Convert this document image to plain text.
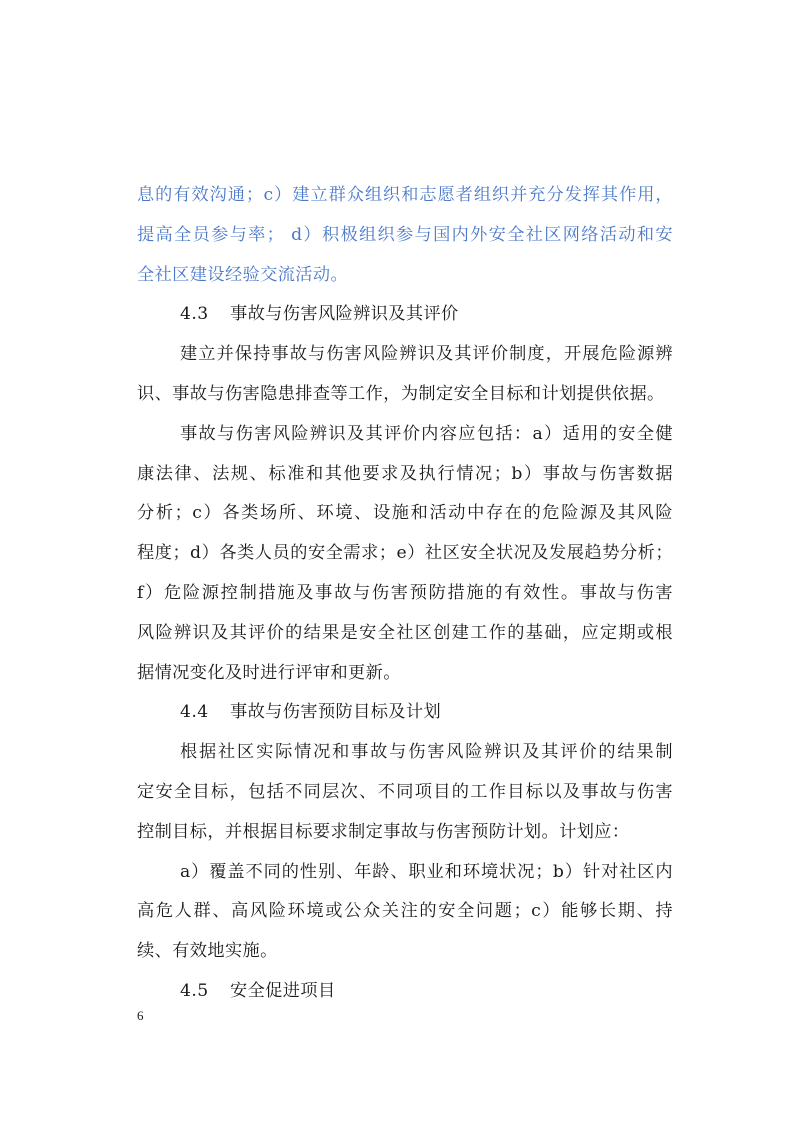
息的有效沟通；c）建立群众组织和志愿者组织并充分发挥其作用，
提高全员参与率； d）积极组织参与国内外安全社区网络活动和安
全社区建设经验交流活动。
4.3 事故与伤害风险辨识及其评价
建立并保持事故与伤害风险辨识及其评价制度，开展危险源辨
识、事故与伤害隐患排查等工作，为制定安全目标和计划提供依据。
事故与伤害风险辨识及其评价内容应包括：a）适用的安全健
康法律、法规、标准和其他要求及执行情况；b）事故与伤害数据
分析；c）各类场所、环境、设施和活动中存在的危险源及其风险
程度；d）各类人员的安全需求；e）社区安全状况及发展趋势分析；
f）危险源控制措施及事故与伤害预防措施的有效性。事故与伤害
风险辨识及其评价的结果是安全社区创建工作的基础，应定期或根
据情况变化及时进行评审和更新。
4.4 事故与伤害预防目标及计划
根据社区实际情况和事故与伤害风险辨识及其评价的结果制
定安全目标，包括不同层次、不同项目的工作目标以及事故与伤害
控制目标，并根据目标要求制定事故与伤害预防计划。计划应：
a）覆盖不同的性别、年龄、职业和环境状况；b）针对社区内
高危人群、高风险环境或公众关注的安全问题；c）能够长期、持
续、有效地实施。
4.5 安全促进项目
6
